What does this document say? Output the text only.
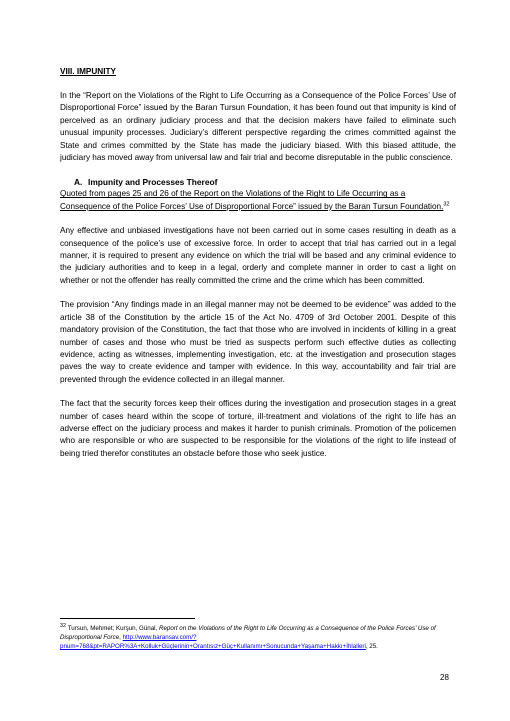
VIII. IMPUNITY

In the “Report on the Violations of the Right to Life Occurring as a Consequence of the Police Forces’ Use of Disproportional Force” issued by the Baran Tursun Foundation, it has been found out that impunity is kind of perceived as an ordinary judiciary process and that the decision makers have failed to eliminate such unusual impunity processes. Judiciary’s different perspective regarding the crimes committed against the State and crimes committed by the State has made the judiciary biased. With this biased attitude, the judiciary has moved away from universal law and fair trial and become disreputable in the public conscience.

A. Impunity and Processes Thereof

Quoted from pages 25 and 26 of the Report on the Violations of the Right to Life Occurring as a Consequence of the Police Forces’ Use of Disproportional Force” issued by the Baran Tursun Foundation.$^{32}$

Any effective and unbiased investigations have not been carried out in some cases resulting in death as a consequence of the police’s use of excessive force. In order to accept that trial has carried out in a legal manner, it is required to present any evidence on which the trial will be based and any criminal evidence to the judiciary authorities and to keep in a legal, orderly and complete manner in order to cast a light on whether or not the offender has really committed the crime and the crime which has been committed.

The provision “Any findings made in an illegal manner may not be deemed to be evidence” was added to the article 38 of the Constitution by the article 15 of the Act No. 4709 of 3rd October 2001. Despite of this mandatory provision of the Constitution, the fact that those who are involved in incidents of killing in a great number of cases and those who must be tried as suspects perform such effective duties as collecting evidence, acting as witnesses, implementing investigation, etc. at the investigation and prosecution stages paves the way to create evidence and tamper with evidence. In this way, accountability and fair trial are prevented through the evidence collected in an illegal manner.

The fact that the security forces keep their offices during the investigation and prosecution stages in a great number of cases heard within the scope of torture, ill-treatment and violations of the right to life has an adverse effect on the judiciary process and makes it harder to punish criminals. Promotion of the policemen who are responsible or who are suspected to be responsible for the violations of the right to life instead of being tried therefor constitutes an obstacle before those who seek justice.

$^{32}$ Tursun, Mehmet; Kurşun, Günal, Report on the Violations of the Right to Life Occurring as a Consequence of the Police Forces’ Use of Disproportional Force, http://www.baransav.com/?pnum=768&pt=RAPOR%3A+Kolluk+Güçlerinin+Orantısız+Güç+Kullanımı+Sonucunda+Yaşama+Hakkı+İhlalleri, 25.
28
